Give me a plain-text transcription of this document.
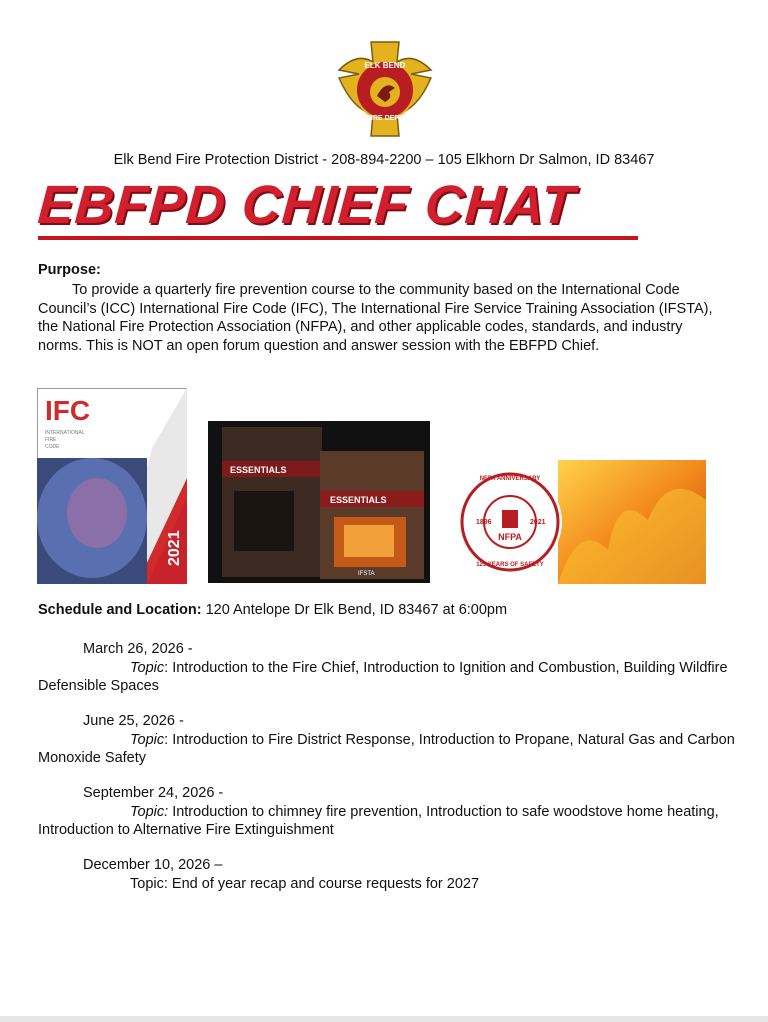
ELK BEND
FIRE DEPT
Elk Bend Fire Protection District - 208-894-2200 – 105 Elkhorn Dr Salmon, ID 83467
EBFPD CHIEF CHAT
Purpose:
To provide a quarterly fire prevention course to the community based on the International Code Council’s (ICC) International Fire Code (IFC), The International Fire Service Training Association (IFSTA), the National Fire Protection Association (NFPA), and other applicable codes, standards, and industry norms. This is NOT an open forum question and answer session with the EBFPD Chief.
IFC
INTERNATIONAL
FIRE
CODE
2021
ESSENTIALS
ESSENTIALS
IFSTA
NFPA ANNIVERSARY
1896	2021
NFPA
125 YEARS OF SAFETY
Schedule and Location: 120 Antelope Dr Elk Bend, ID 83467 at 6:00pm
March 26, 2026 -
Topic: Introduction to the Fire Chief, Introduction to Ignition and Combustion, Building Wildfire Defensible Spaces
June 25, 2026 -
Topic: Introduction to Fire District Response, Introduction to Propane, Natural Gas and Carbon Monoxide Safety
September 24, 2026 -
Topic: Introduction to chimney fire prevention, Introduction to safe woodstove home heating, Introduction to Alternative Fire Extinguishment
December 10, 2026 –
Topic: End of year recap and course requests for 2027
